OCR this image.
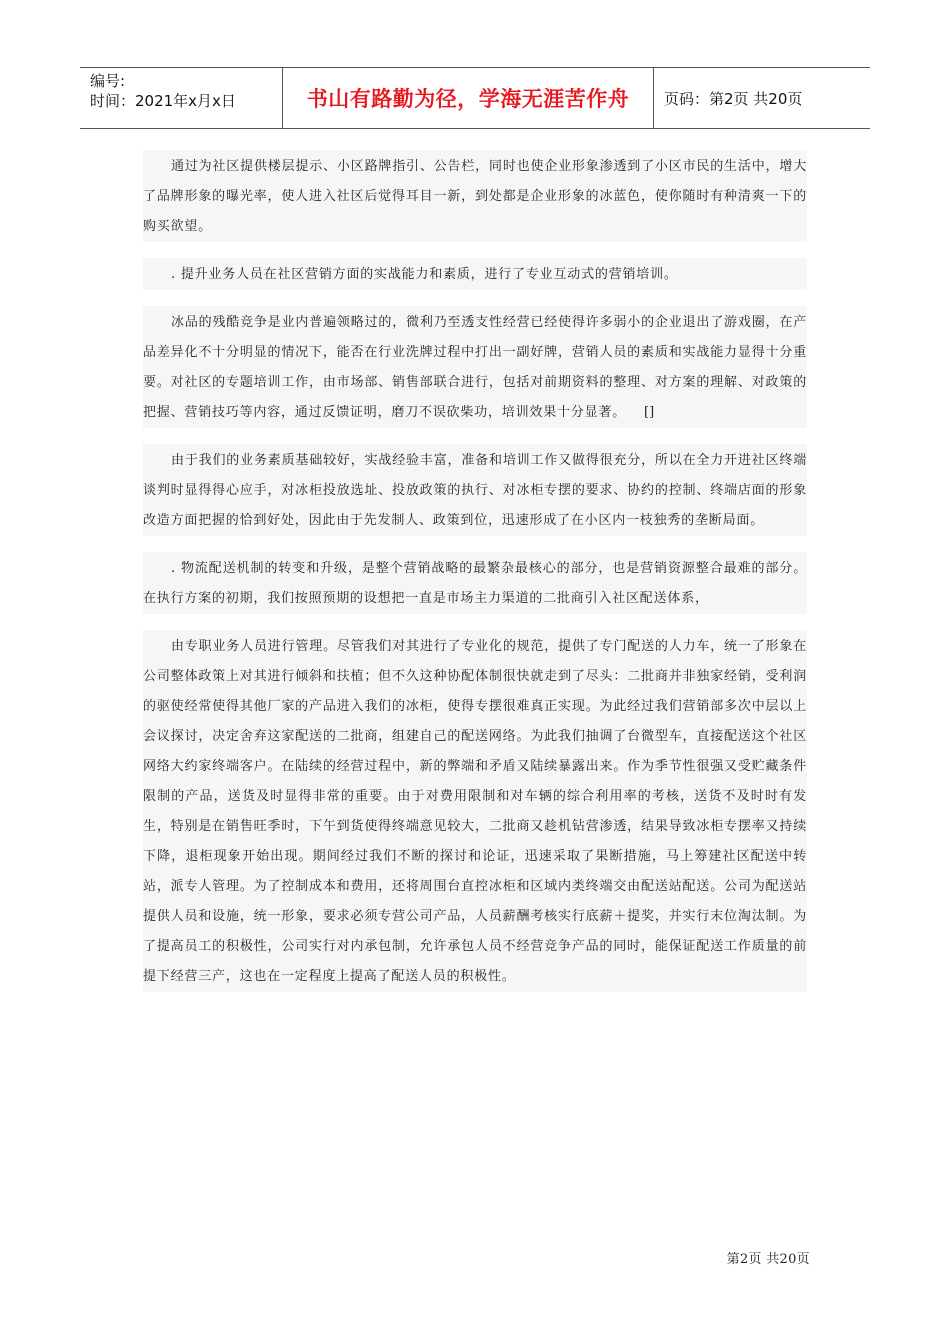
编号:
时间：2021年x月x日	书山有路勤为径，学海无涯苦作舟 页码：第2页 共20页

通过为社区提供楼层提示、小区路牌指引、公告栏，同时也使企业形象渗透到了小区市民的生活中，增大了品牌形象的曝光率，使人进入社区后觉得耳目一新，到处都是企业形象的冰蓝色，使你随时有种清爽一下的购买欲望。

. 提升业务人员在社区营销方面的实战能力和素质，进行了专业互动式的营销培训。

冰品的残酷竞争是业内普遍领略过的，微利乃至透支性经营已经使得许多弱小的企业退出了游戏圈，在产品差异化不十分明显的情况下，能否在行业洗牌过程中打出一副好牌，营销人员的素质和实战能力显得十分重要。对社区的专题培训工作，由市场部、销售部联合进行，包括对前期资料的整理、对方案的理解、对政策的把握、营销技巧等内容，通过反馈证明，磨刀不误砍柴功，培训效果十分显著。 []

由于我们的业务素质基础较好，实战经验丰富，准备和培训工作又做得很充分，所以在全力开进社区终端谈判时显得得心应手，对冰柜投放选址、投放政策的执行、对冰柜专摆的要求、协约的控制、终端店面的形象改造方面把握的恰到好处，因此由于先发制人、政策到位，迅速形成了在小区内一枝独秀的垄断局面。

. 物流配送机制的转变和升级，是整个营销战略的最繁杂最核心的部分，也是营销资源整合最难的部分。在执行方案的初期，我们按照预期的设想把一直是市场主力渠道的二批商引入社区配送体系，

由专职业务人员进行管理。尽管我们对其进行了专业化的规范，提供了专门配送的人力车，统一了形象在公司整体政策上对其进行倾斜和扶植；但不久这种协配体制很快就走到了尽头：二批商并非独家经销，受利润的驱使经常使得其他厂家的产品进入我们的冰柜，使得专摆很难真正实现。为此经过我们营销部多次中层以上会议探讨，决定舍弃这家配送的二批商，组建自己的配送网络。为此我们抽调了台微型车，直接配送这个社区网络大约家终端客户。在陆续的经营过程中，新的弊端和矛盾又陆续暴露出来。作为季节性很强又受贮藏条件限制的产品，送货及时显得非常的重要。由于对费用限制和对车辆的综合利用率的考核，送货不及时时有发生，特别是在销售旺季时，下午到货使得终端意见较大，二批商又趁机钻营渗透，结果导致冰柜专摆率又持续下降，退柜现象开始出现。期间经过我们不断的探讨和论证，迅速采取了果断措施，马上筹建社区配送中转站，派专人管理。为了控制成本和费用，还将周围台直控冰柜和区域内类终端交由配送站配送。公司为配送站提供人员和设施，统一形象，要求必须专营公司产品，人员薪酬考核实行底薪＋提奖，并实行末位淘汰制。为了提高员工的积极性，公司实行对内承包制，允许承包人员不经营竞争产品的同时，能保证配送工作质量的前提下经营三产，这也在一定程度上提高了配送人员的积极性。

第2页 共20页
